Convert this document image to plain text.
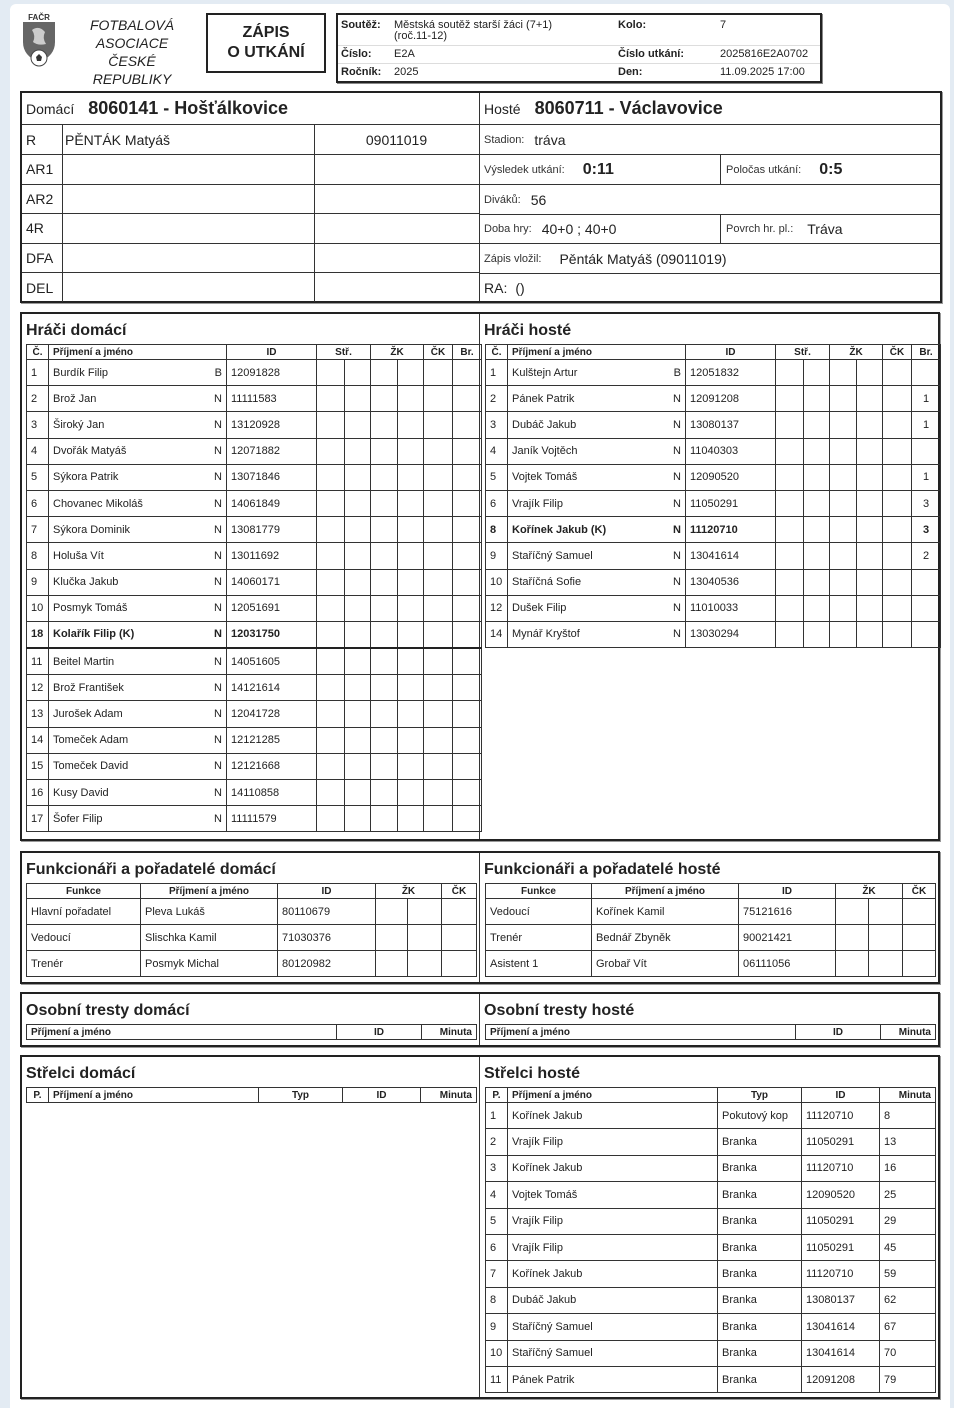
FAČR	FOTBALOVÁ
ASOCIACE ČESKÉ
REPUBLIKY
ZÁPIS
O UTKÁNÍ
Soutěž: Městská soutěž starší žáci (7+1)
(roč.11-12)
Kolo:	7
Číslo: E2A	Číslo utkání:	2025816E2A0702
Ročník: 2025	Den:	11.09.2025 17:00
Domácí 8060141 - Hošťálkovice
R PĚNTÁK Matyáš	09011019
AR1
AR2
4R
DFA
DEL
Hosté 8060711 - Václavovice
Stadion: tráva
Výsledek utkání: 0:11	Poločas utkání: 0:5
Diváků: 56
Doba hry: 40+0 ; 40+0	Povrch hr. pl.: Tráva
Zápis vložil: Pěnták Matyáš (09011019)
RA: ()
Hráči domácí	Hráči hosté
Č.	Příjmení a jméno	ID	Stř.		ŽK		ČK	Br.
1	Burdík Filip B	12091828						
2	Brož Jan N	11111583						
3	Široký Jan N	13120928						
4	Dvořák Matyáš N	12071882						
5	Sýkora Patrik N	13071846						
6	Chovanec Mikoláš N	14061849						
7	Sýkora Dominik N	13081779						
8	Holuša Vít N	13011692						
9	Klučka Jakub N	14060171						
10	Posmyk Tomáš N	12051691						
18	Kolařík Filip (K) N	12031750						
11	Beitel Martin N	14051605						
12	Brož František N	14121614						
13	Jurošek Adam N	12041728						
14	Tomeček Adam N	12121285						
15	Tomeček David N	12121668						
16	Kusy David N	14110858						
17	Šofer Filip N	11111579						
Č.	Příjmení a jméno	ID	Stř.		ŽK		ČK	Br.
1	Kulštejn Artur B	12051832						
2	Pánek Patrik N	12091208						1
3	Dubáč Jakub N	13080137						1
4	Janík Vojtěch N	11040303						
5	Vojtek Tomáš N	12090520						1
6	Vrajík Filip N	11050291						3
8	Kořínek Jakub (K) N	11120710						3
9	Staříčný Samuel N	13041614						2
10	Staříčná Sofie N	13040536						
12	Dušek Filip N	11010033						
14	Mynář Kryštof N	13030294						
Funkcionáři a pořadatelé domácí	Funkcionáři a pořadatelé hosté
Funkce	Příjmení a jméno	ID	ŽK		ČK
Hlavní pořadatel	Pleva Lukáš	80110679			
Vedoucí	Slischka Kamil	71030376			
Trenér	Posmyk Michal	80120982			
Funkce	Příjmení a jméno	ID	ŽK		ČK
Vedoucí	Kořínek Kamil	75121616			
Trenér	Bednář Zbyněk	90021421			
Asistent 1	Grobař Vít	06111056			
Osobní tresty domácí	Osobní tresty hosté
Příjmení a jméno	ID	Minuta Příjmení a jméno	ID	Minuta
Střelci domácí	Střelci hosté
P.	Příjmení a jméno	Typ	ID	Minuta P.	Příjmení a jméno	Typ	ID	Minuta
1	Kořínek Jakub	Pokutový kop	11120710	8
2	Vrajík Filip	Branka	11050291	13
3	Kořínek Jakub	Branka	11120710	16
4	Vojtek Tomáš	Branka	12090520	25
5	Vrajík Filip	Branka	11050291	29
6	Vrajík Filip	Branka	11050291	45
7	Kořínek Jakub	Branka	11120710	59
8	Dubáč Jakub	Branka	13080137	62
9	Staříčný Samuel	Branka	13041614	67
10	Staříčný Samuel	Branka	13041614	70
11	Pánek Patrik	Branka	12091208	79
